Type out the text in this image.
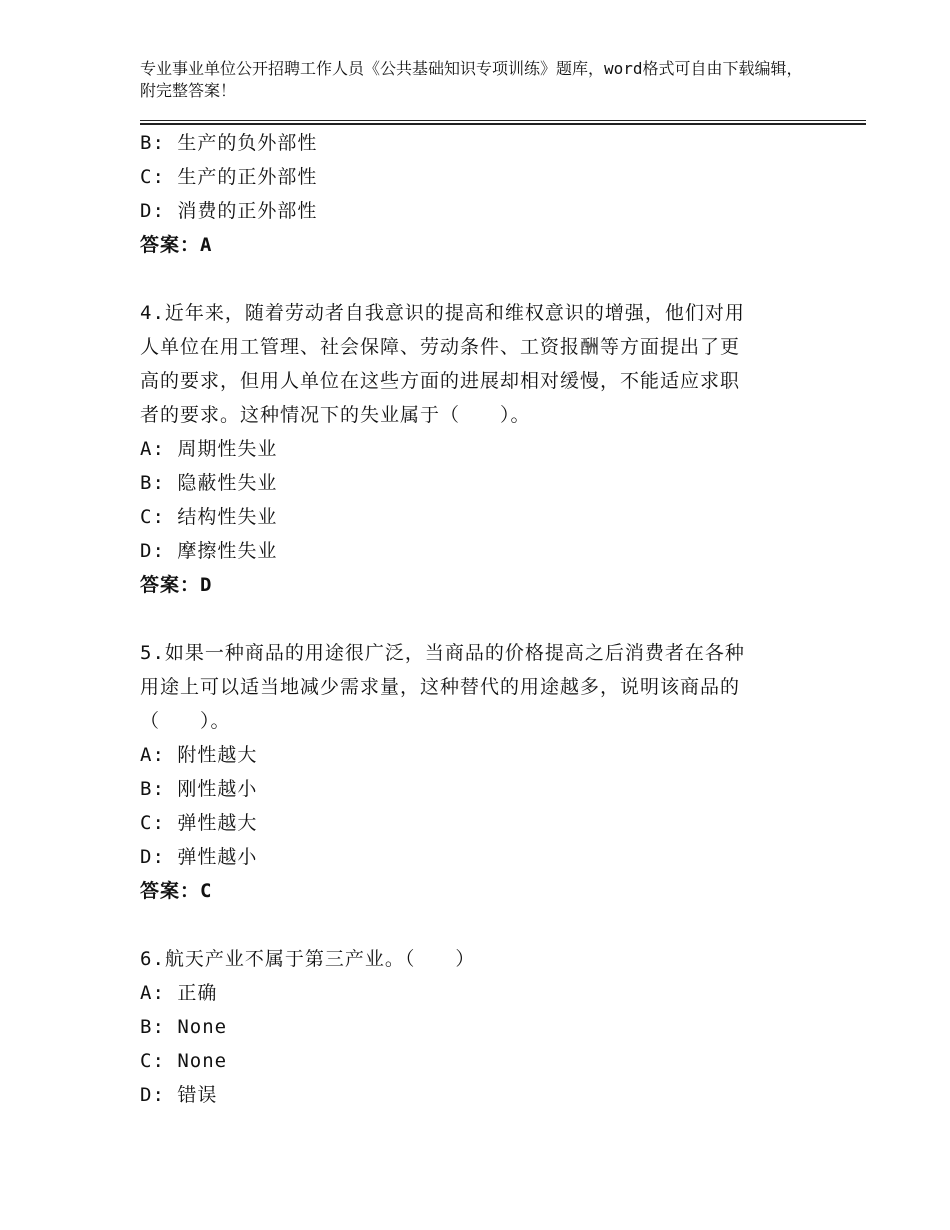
专业事业单位公开招聘工作人员《公共基础知识专项训练》题库，word格式可自由下载编辑，附完整答案！
B: 生产的负外部性
C: 生产的正外部性
D: 消费的正外部性
答案：A
4.近年来，随着劳动者自我意识的提高和维权意识的增强，他们对用
人单位在用工管理、社会保障、劳动条件、工资报酬等方面提出了更
高的要求，但用人单位在这些方面的进展却相对缓慢，不能适应求职
者的要求。这种情况下的失业属于（　　）。
A: 周期性失业
B: 隐蔽性失业
C: 结构性失业
D: 摩擦性失业
答案：D
5.如果一种商品的用途很广泛，当商品的价格提高之后消费者在各种
用途上可以适当地减少需求量，这种替代的用途越多，说明该商品的
（　　）。
A: 附性越大
B: 刚性越小
C: 弹性越大
D: 弹性越小
答案：C
6.航天产业不属于第三产业。（　　）
A: 正确
B: None
C: None
D: 错误
